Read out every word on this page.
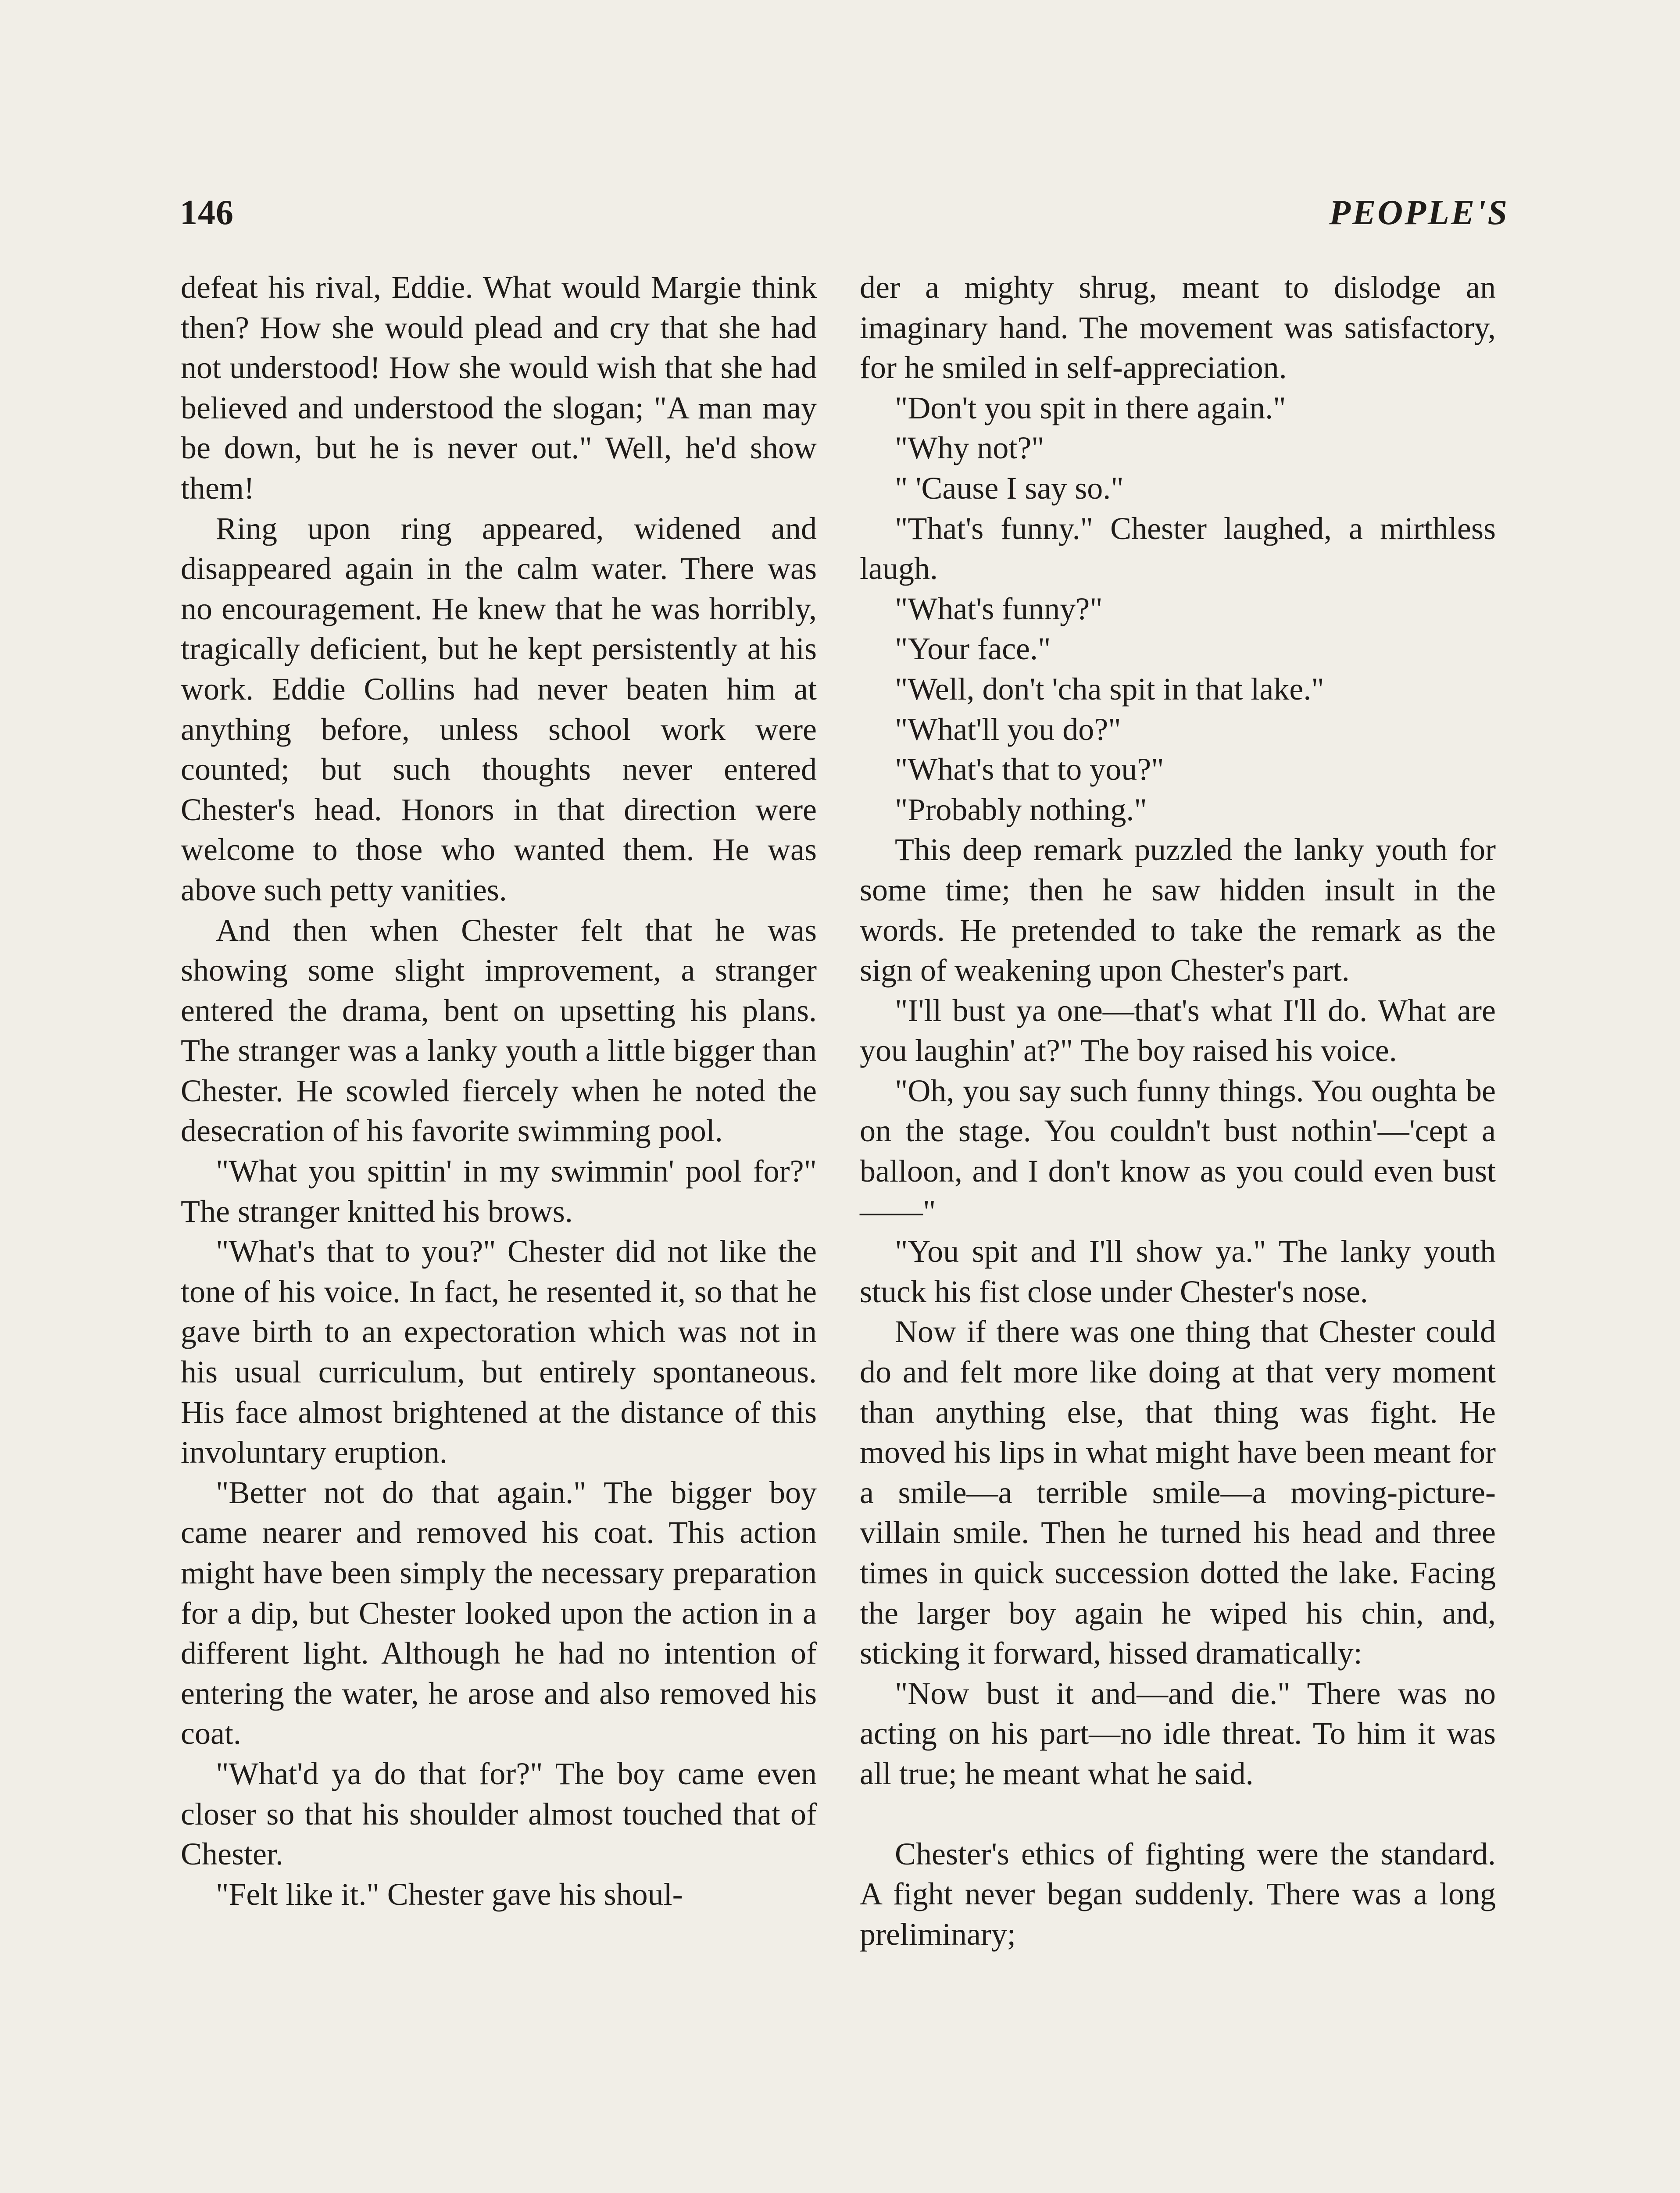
146	PEOPLE'S

defeat his rival, Eddie. What would Margie think then? How she would plead and cry that she had not understood! How she would wish that she had believed and understood the slogan; "A man may be down, but he is never out." Well, he'd show them!

Ring upon ring appeared, widened and disappeared again in the calm water. There was no encouragement. He knew that he was horribly, tragically deficient, but he kept persistently at his work. Eddie Collins had never beaten him at anything before, unless school work were counted; but such thoughts never entered Chester's head. Honors in that direction were welcome to those who wanted them. He was above such petty vanities.

And then when Chester felt that he was showing some slight improvement, a stranger entered the drama, bent on upsetting his plans. The stranger was a lanky youth a little bigger than Chester. He scowled fiercely when he noted the desecration of his favorite swimming pool.

"What you spittin' in my swimmin' pool for?" The stranger knitted his brows.

"What's that to you?" Chester did not like the tone of his voice. In fact, he resented it, so that he gave birth to an expectoration which was not in his usual curriculum, but entirely spontaneous. His face almost brightened at the distance of this involuntary eruption.

"Better not do that again." The bigger boy came nearer and removed his coat. This action might have been simply the necessary preparation for a dip, but Chester looked upon the action in a different light. Although he had no intention of entering the water, he arose and also removed his coat.

"What'd ya do that for?" The boy came even closer so that his shoulder almost touched that of Chester.

"Felt like it." Chester gave his shoul-

der a mighty shrug, meant to dislodge an imaginary hand. The movement was satisfactory, for he smiled in self-appreciation.

"Don't you spit in there again."

"Why not?"

" 'Cause I say so."

"That's funny." Chester laughed, a mirthless laugh.

"What's funny?"

"Your face."

"Well, don't 'cha spit in that lake."

"What'll you do?"

"What's that to you?"

"Probably nothing."

This deep remark puzzled the lanky youth for some time; then he saw hidden insult in the words. He pretended to take the remark as the sign of weakening upon Chester's part.

"I'll bust ya one—that's what I'll do. What are you laughin' at?" The boy raised his voice.

"Oh, you say such funny things. You oughta be on the stage. You couldn't bust nothin'—'cept a balloon, and I don't know as you could even bust——"

"You spit and I'll show ya." The lanky youth stuck his fist close under Chester's nose.

Now if there was one thing that Chester could do and felt more like doing at that very moment than anything else, that thing was fight. He moved his lips in what might have been meant for a smile—a terrible smile—a moving-picture-villain smile. Then he turned his head and three times in quick succession dotted the lake. Facing the larger boy again he wiped his chin, and, sticking it forward, hissed dramatically:

"Now bust it and—and die." There was no acting on his part—no idle threat. To him it was all true; he meant what he said.

Chester's ethics of fighting were the standard. A fight never began suddenly. There was a long preliminary;
